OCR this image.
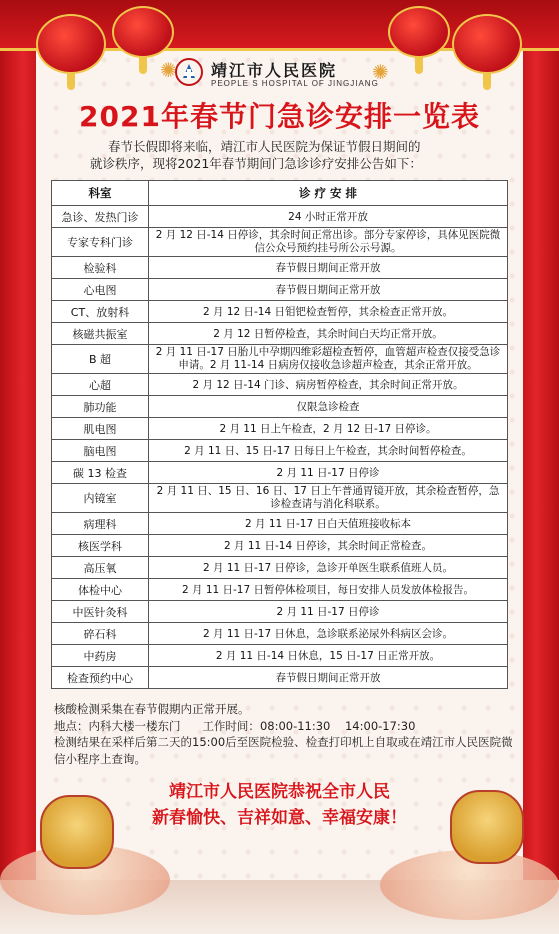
✺	✺
靖江市人民医院
PEOPLE S HOSPITAL OF JINGJIANG
2021年春节门急诊安排一览表
春节长假即将来临，靖江市人民医院为保证节假日期间的

就诊秩序，现将2021年春节期间门急诊诊疗安排公告如下：
科室	诊 疗 安 排
急诊、发热门诊	24 小时正常开放
专家专科门诊	2 月 12 日-14 日停诊，其余时间正常出诊。部分专家停诊，具体见医院微信公众号预约挂号所公示号源。
检验科	春节假日期间正常开放
心电图	春节假日期间正常开放
CT、放射科	2 月 12 日-14 日钼钯检查暂停，其余检查正常开放。
核磁共振室	2 月 12 日暂停检查，其余时间白天均正常开放。
B 超	2 月 11 日-17 日胎儿中孕期四维彩超检查暂停，血管超声检查仅接受急诊申请。2 月 11-14 日病房仅接收急诊超声检查，其余正常开放。
心超	2 月 12 日-14 门诊、病房暂停检查，其余时间正常开放。
肺功能	仅限急诊检查
肌电图	2 月 11 日上午检查，2 月 12 日-17 日停诊。
脑电图	2 月 11 日、15 日-17 日每日上午检查，其余时间暂停检查。
碳 13 检查	2 月 11 日-17 日停诊
内镜室	2 月 11 日、15 日、16 日、17 日上午普通胃镜开放，其余检查暂停，急诊检查请与消化科联系。
病理科	2 月 11 日-17 日白天值班接收标本
核医学科	2 月 11 日-14 日停诊，其余时间正常检查。
高压氧	2 月 11 日-17 日停诊，急诊开单医生联系值班人员。
体检中心	2 月 11 日-17 日暂停体检项目，每日安排人员发放体检报告。
中医针灸科	2 月 11 日-17 日停诊
碎石科	2 月 11 日-17 日休息，急诊联系泌尿外科病区会诊。
中药房	2 月 11 日-14 日休息，15 日-17 日正常开放。
检查预约中心	春节假日期间正常开放
核酸检测采集在春节假期内正常开展。
地点：内科大楼一楼东门 工作时间：08:00-11:30    14:00-17:30
检测结果在采样后第二天的15:00后至医院检验、检查打印机上自取或在靖江市人民医院微信小程序上查询。
靖江市人民医院恭祝全市人民
新春愉快、吉祥如意、幸福安康！
